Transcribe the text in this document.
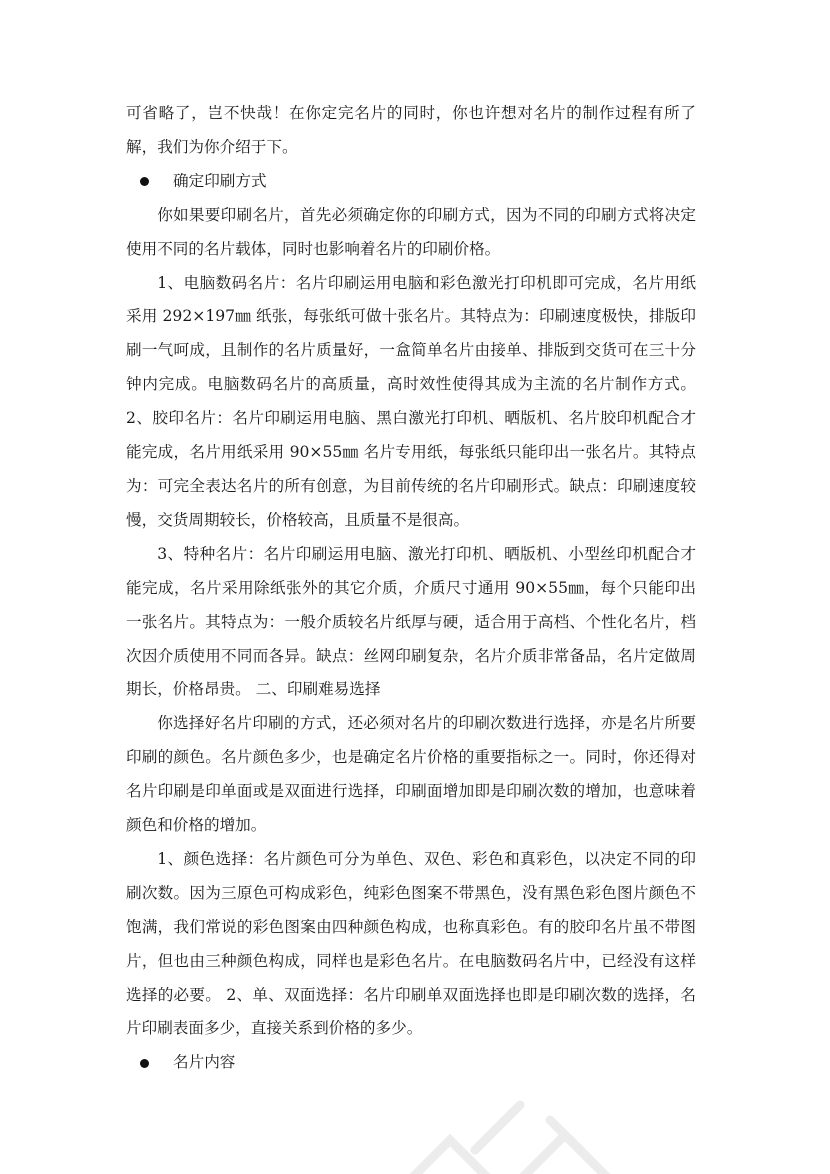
可省略了，岂不快哉！在你定完名片的同时，你也许想对名片的制作过程有所了解，我们为你介绍于下。

确定印刷方式

你如果要印刷名片，首先必须确定你的印刷方式，因为不同的印刷方式将决定使用不同的名片载体，同时也影响着名片的印刷价格。

1、电脑数码名片：名片印刷运用电脑和彩色激光打印机即可完成，名片用纸采用 292×197㎜ 纸张，每张纸可做十张名片。其特点为：印刷速度极快，排版印刷一气呵成，且制作的名片质量好，一盒简单名片由接单、排版到交货可在三十分钟内完成。电脑数码名片的高质量，高时效性使得其成为主流的名片制作方式。 2、胶印名片：名片印刷运用电脑、黑白激光打印机、晒版机、名片胶印机配合才能完成，名片用纸采用 90×55㎜ 名片专用纸，每张纸只能印出一张名片。其特点为：可完全表达名片的所有创意，为目前传统的名片印刷形式。缺点：印刷速度较慢，交货周期较长，价格较高，且质量不是很高。

3、特种名片：名片印刷运用电脑、激光打印机、晒版机、小型丝印机配合才能完成，名片采用除纸张外的其它介质，介质尺寸通用 90×55㎜，每个只能印出一张名片。其特点为：一般介质较名片纸厚与硬，适合用于高档、个性化名片，档次因介质使用不同而各异。缺点：丝网印刷复杂，名片介质非常备品，名片定做周期长，价格昂贵。 二、印刷难易选择

你选择好名片印刷的方式，还必须对名片的印刷次数进行选择，亦是名片所要印刷的颜色。名片颜色多少，也是确定名片价格的重要指标之一。同时，你还得对名片印刷是印单面或是双面进行选择，印刷面增加即是印刷次数的增加，也意味着颜色和价格的增加。

1、颜色选择：名片颜色可分为单色、双色、彩色和真彩色，以决定不同的印刷次数。因为三原色可构成彩色，纯彩色图案不带黑色，没有黑色彩色图片颜色不饱满，我们常说的彩色图案由四种颜色构成，也称真彩色。有的胶印名片虽不带图片，但也由三种颜色构成，同样也是彩色名片。在电脑数码名片中，已经没有这样选择的必要。 2、单、双面选择：名片印刷单双面选择也即是印刷次数的选择，名片印刷表面多少，直接关系到价格的多少。

名片内容
